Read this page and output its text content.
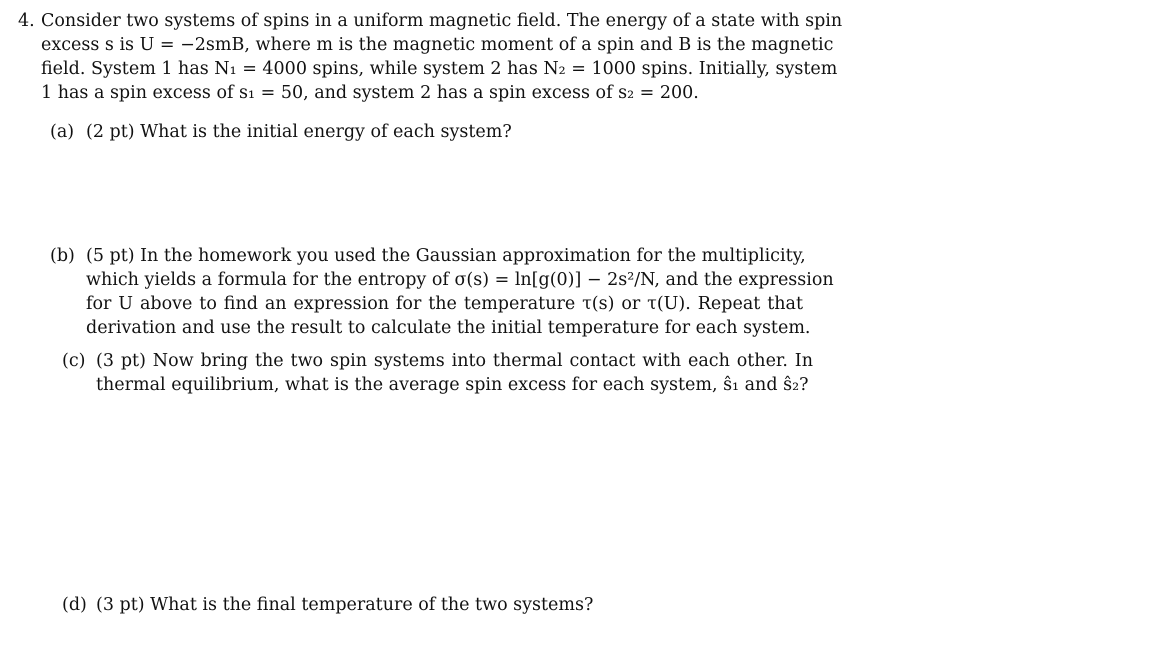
4. Consider two systems of spins in a uniform magnetic field. The energy of a state with spin
excess s is U = −2smB, where m is the magnetic moment of a spin and B is the magnetic
field. System 1 has N₁ = 4000 spins, while system 2 has N₂ = 1000 spins. Initially, system
1 has a spin excess of s₁ = 50, and system 2 has a spin excess of s₂ = 200.
(a) (2 pt) What is the initial energy of each system?
(b) (5 pt) In the homework you used the Gaussian approximation for the multiplicity,
which yields a formula for the entropy of σ(s) = ln[g(0)] − 2s²/N, and the expression
for U above to find an expression for the temperature τ(s) or τ(U). Repeat that
derivation and use the result to calculate the initial temperature for each system.
(c) (3 pt) Now bring the two spin systems into thermal contact with each other. In
thermal equilibrium, what is the average spin excess for each system, ŝ₁ and ŝ₂?
(d) (3 pt) What is the final temperature of the two systems?
